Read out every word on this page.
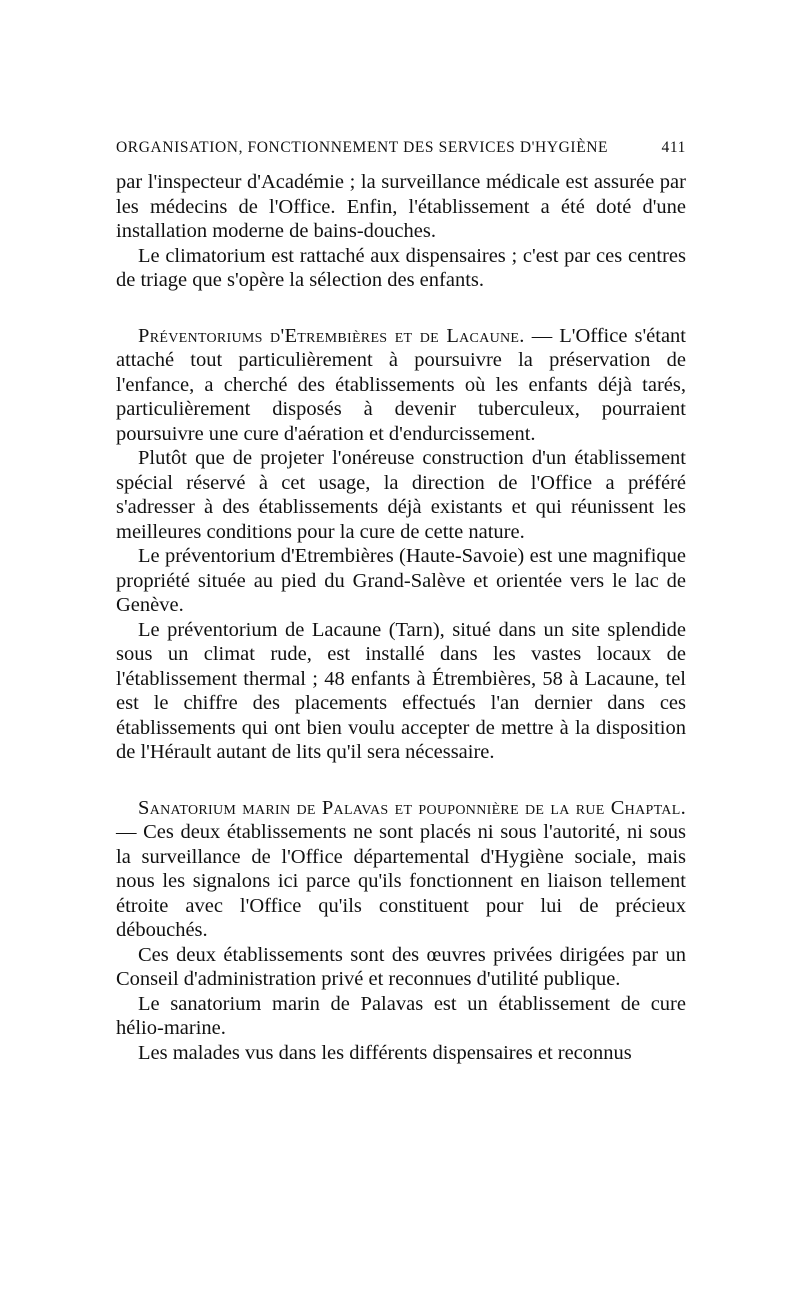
ORGANISATION, FONCTIONNEMENT DES SERVICES D'HYGIÈNE	411

par l'inspecteur d'Académie ; la surveillance médicale est assurée par les médecins de l'Office. Enfin, l'établissement a été doté d'une installation moderne de bains-douches.

Le climatorium est rattaché aux dispensaires ; c'est par ces centres de triage que s'opère la sélection des enfants.

Préventoriums d'Etrembières et de Lacaune. — L'Office s'étant attaché tout particulièrement à poursuivre la préservation de l'enfance, a cherché des établissements où les enfants déjà tarés, particulièrement disposés à devenir tuberculeux, pourraient poursuivre une cure d'aération et d'endurcissement.

Plutôt que de projeter l'onéreuse construction d'un établissement spécial réservé à cet usage, la direction de l'Office a préféré s'adresser à des établissements déjà existants et qui réunissent les meilleures conditions pour la cure de cette nature.

Le préventorium d'Etrembières (Haute-Savoie) est une magnifique propriété située au pied du Grand-Salève et orientée vers le lac de Genève.

Le préventorium de Lacaune (Tarn), situé dans un site splendide sous un climat rude, est installé dans les vastes locaux de l'établissement thermal ; 48 enfants à Étrembières, 58 à Lacaune, tel est le chiffre des placements effectués l'an dernier dans ces établissements qui ont bien voulu accepter de mettre à la disposition de l'Hérault autant de lits qu'il sera nécessaire.

Sanatorium marin de Palavas et pouponnière de la rue Chaptal. — Ces deux établissements ne sont placés ni sous l'autorité, ni sous la surveillance de l'Office départemental d'Hygiène sociale, mais nous les signalons ici parce qu'ils fonctionnent en liaison tellement étroite avec l'Office qu'ils constituent pour lui de précieux débouchés.

Ces deux établissements sont des œuvres privées dirigées par un Conseil d'administration privé et reconnues d'utilité publique.

Le sanatorium marin de Palavas est un établissement de cure hélio-marine.

Les malades vus dans les différents dispensaires et reconnus
